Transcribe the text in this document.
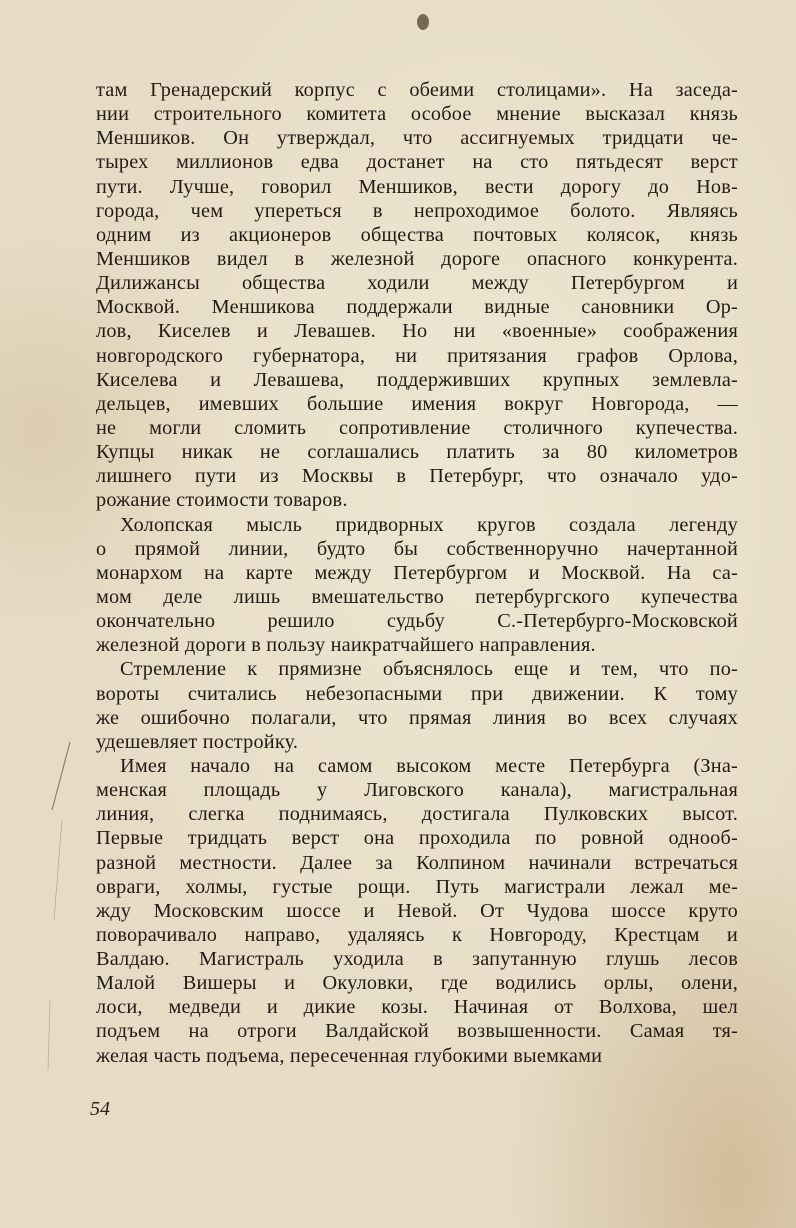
там Гренадерский корпус с обеими столицами». На заседа-
нии строительного комитета особое мнение высказал князь
Меншиков. Он утверждал, что ассигнуемых тридцати че-
тырех миллионов едва достанет на сто пятьдесят верст
пути. Лучше, говорил Меншиков, вести дорогу до Нов-
города, чем упереться в непроходимое болото. Являясь
одним из акционеров общества почтовых колясок, князь
Меншиков видел в железной дороге опасного конкурента.
Дилижансы общества ходили между Петербургом и
Москвой. Меншикова поддержали видные сановники Ор-
лов, Киселев и Левашев. Но ни «военные» соображения
новгородского губернатора, ни притязания графов Орлова,
Киселева и Левашева, поддерживших крупных землевла-
дельцев, имевших большие имения вокруг Новгорода, —
не могли сломить сопротивление столичного купечества.
Купцы никак не соглашались платить за 80 километров
лишнего пути из Москвы в Петербург, что означало удо-
рожание стоимости товаров.
Холопская мысль придворных кругов создала легенду
о прямой линии, будто бы собственноручно начертанной
монархом на карте между Петербургом и Москвой. На са-
мом деле лишь вмешательство петербургского купечества
окончательно решило судьбу С.-Петербурго-Московской
железной дороги в пользу наикратчайшего направления.
Стремление к прямизне объяснялось еще и тем, что по-
вороты считались небезопасными при движении. К тому
же ошибочно полагали, что прямая линия во всех случаях
удешевляет постройку.
Имея начало на самом высоком месте Петербурга (Зна-
менская площадь у Лиговского канала), магистральная
линия, слегка поднимаясь, достигала Пулковских высот.
Первые тридцать верст она проходила по ровной однооб-
разной местности. Далее за Колпином начинали встречаться
овраги, холмы, густые рощи. Путь магистрали лежал ме-
жду Московским шоссе и Невой. От Чудова шоссе круто
поворачивало направо, удаляясь к Новгороду, Крестцам и
Валдаю. Магистраль уходила в запутанную глушь лесов
Малой Вишеры и Окуловки, где водились орлы, олени,
лоси, медведи и дикие козы. Начиная от Волхова, шел
подъем на отроги Валдайской возвышенности. Самая тя-
желая часть подъема, пересеченная глубокими выемками
54
